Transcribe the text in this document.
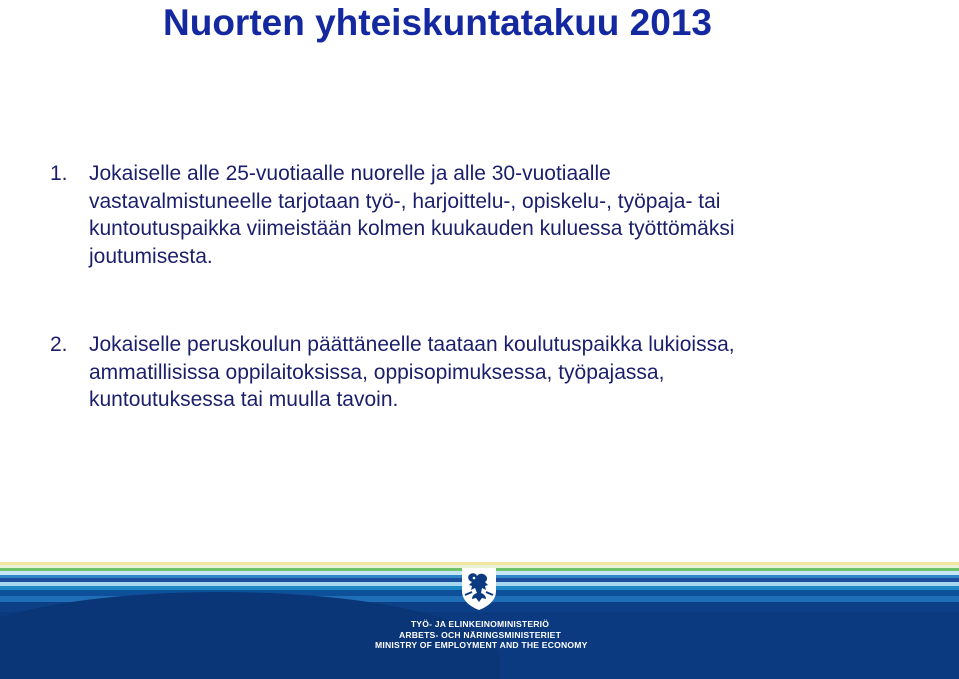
Nuorten yhteiskuntatakuu 2013
1. Jokaiselle alle 25-vuotiaalle nuorelle ja alle 30-vuotiaalle
vastavalmistuneelle tarjotaan työ-, harjoittelu-, opiskelu-, työpaja- tai
kuntoutuspaikka viimeistään kolmen kuukauden kuluessa työttömäksi
joutumisesta.
2. Jokaiselle peruskoulun päättäneelle taataan koulutuspaikka lukioissa,
ammatillisissa oppilaitoksissa, oppisopimuksessa, työpajassa,
kuntoutuksessa tai muulla tavoin.
TYÖ- JA ELINKEINOMINISTERIÖ
ARBETS- OCH NÄRINGSMINISTERIET
MINISTRY OF EMPLOYMENT AND THE ECONOMY
